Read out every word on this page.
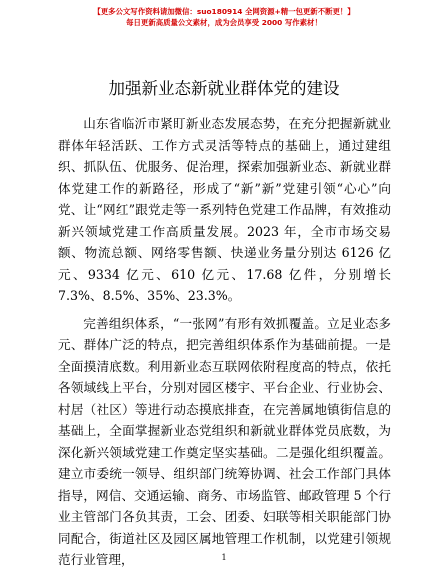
【更多公文写作资料请加微信：suo180914 全网资源+精一包更新不断更！】
每日更新高质量公文素材，成为会员享受 2000 写作素材！
加强新业态新就业群体党的建设

山东省临沂市紧盯新业态发展态势，在充分把握新就业群体年轻活跃、工作方式灵活等特点的基础上，通过建组织、抓队伍、优服务、促治理，探索加强新业态、新就业群体党建工作的新路径，形成了“新”新”党建引领“心心”向党、让“网红”跟党走等一系列特色党建工作品牌，有效推动新兴领域党建工作高质量发展。2023 年，全市市场交易额、物流总额、网络零售额、快递业务量分别达 6126 亿元、9334 亿元、610 亿元、17.68 亿件，分别增长 7.3%、8.5%、35%、23.3%。

完善组织体系，“一张网”有形有效抓覆盖。立足业态多元、群体广泛的特点，把完善组织体系作为基础前提。一是全面摸清底数。利用新业态互联网依附程度高的特点，依托各领域线上平台，分别对园区楼宇、平台企业、行业协会、村居（社区）等进行动态摸底排查，在完善属地镇街信息的基础上，全面掌握新业态党组织和新就业群体党员底数，为深化新兴领域党建工作奠定坚实基础。二是强化组织覆盖。建立市委统一领导、组织部门统筹协调、社会工作部门具体指导，网信、交通运输、商务、市场监管、邮政管理 5 个行业主管部门各负其责，工会、团委、妇联等相关职能部门协同配合，街道社区及园区属地管理工作机制，以党建引领规范行业管理，	1
